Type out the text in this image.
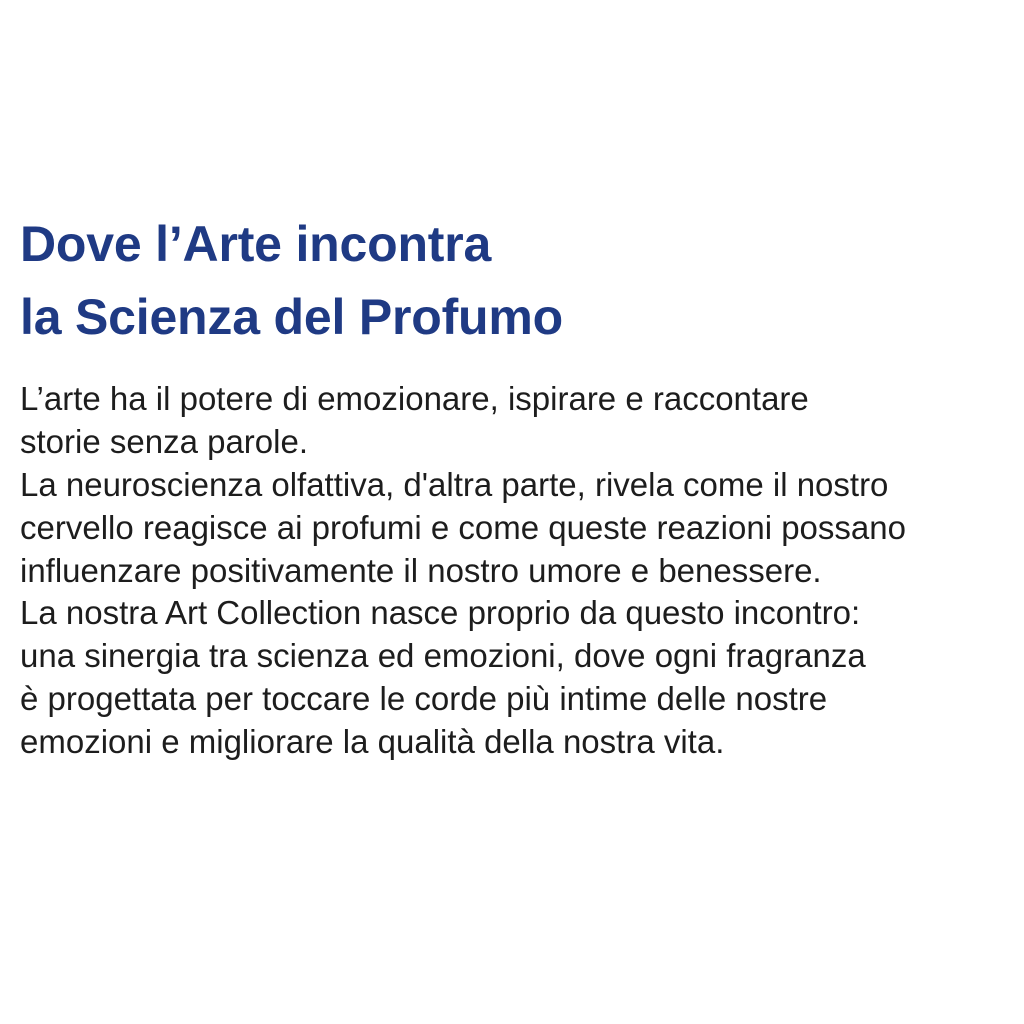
Dove l’Arte incontra
la Scienza del Profumo
L’arte ha il potere di emozionare, ispirare e raccontare
storie senza parole.
La neuroscienza olfattiva, d'altra parte, rivela come il nostro
cervello reagisce ai profumi e come queste reazioni possano
influenzare positivamente il nostro umore e benessere.
La nostra Art Collection nasce proprio da questo incontro:
una sinergia tra scienza ed emozioni, dove ogni fragranza
è progettata per toccare le corde più intime delle nostre
emozioni e migliorare la qualità della nostra vita.
